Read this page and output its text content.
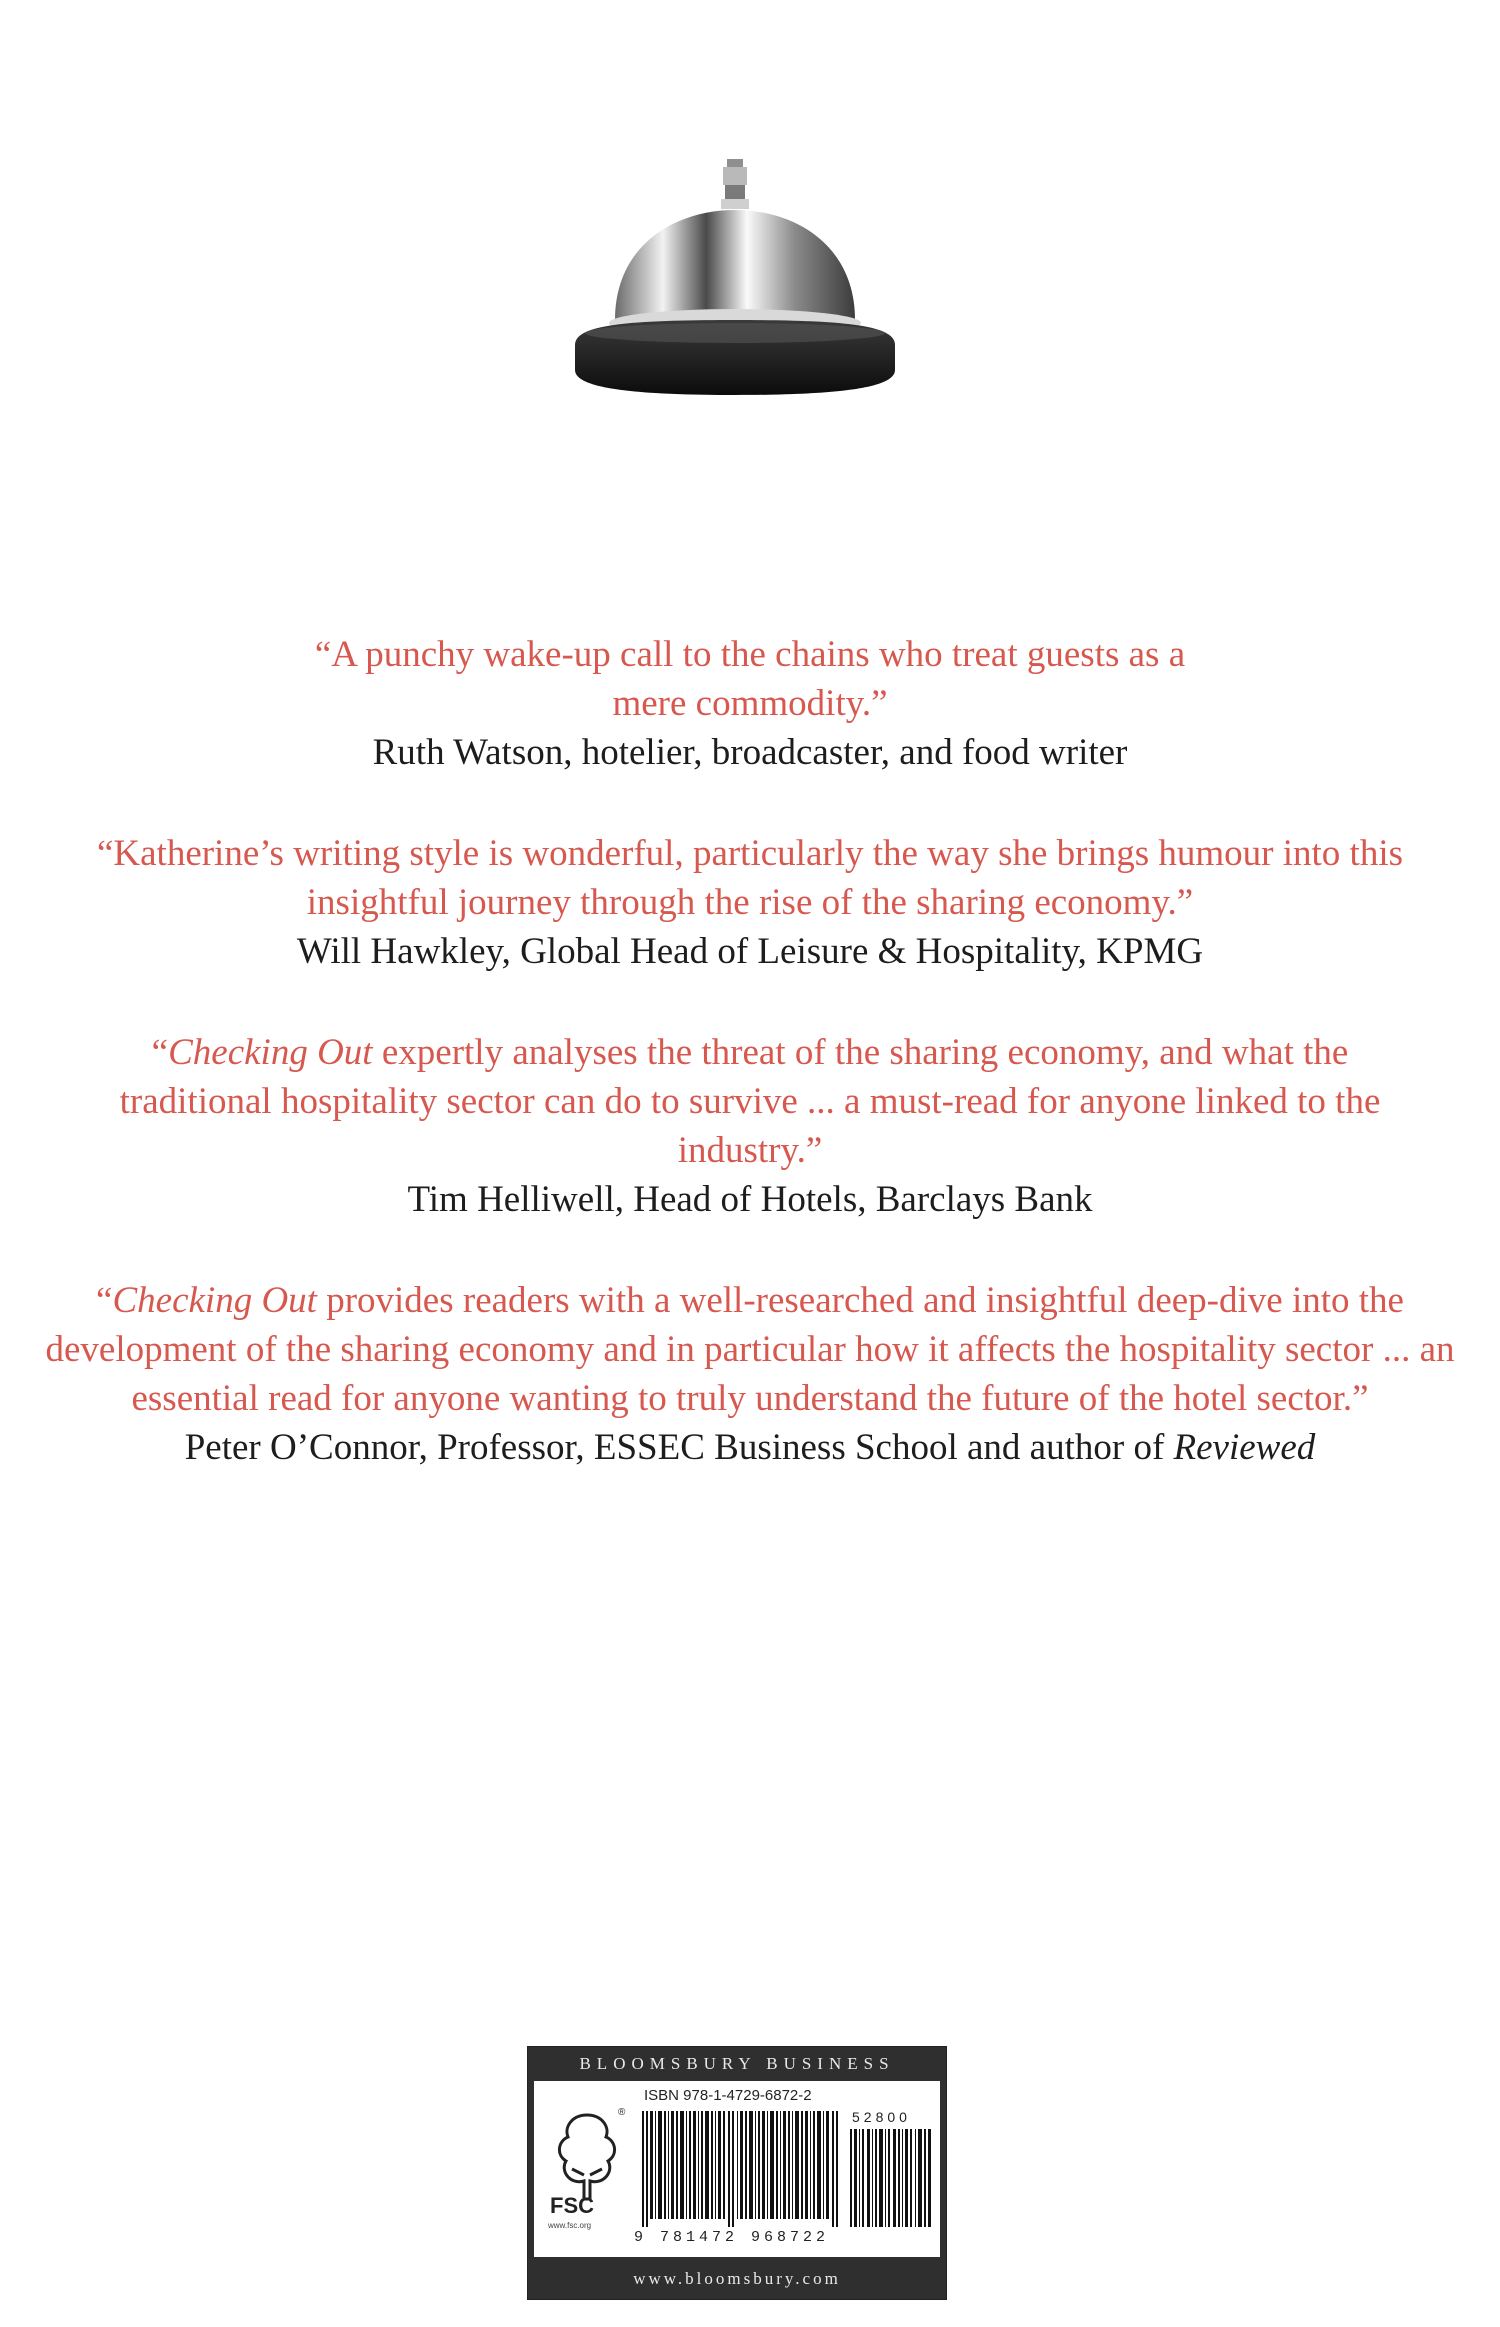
“A punchy wake-up call to the chains who treat guests as a mere commodity.”

Ruth Watson, hotelier, broadcaster, and food writer

“Katherine’s writing style is wonderful, particularly the way she brings humour into this insightful journey through the rise of the sharing economy.”

Will Hawkley, Global Head of Leisure & Hospitality, KPMG

“Checking Out expertly analyses the threat of the sharing economy, and what the traditional hospitality sector can do to survive ... a must-read for anyone linked to the industry.”

Tim Helliwell, Head of Hotels, Barclays Bank

“Checking Out provides readers with a well-researched and insightful deep-dive into the development of the sharing economy and in particular how it affects the hospitality sector ... an essential read for anyone wanting to truly understand the future of the hotel sector.”

Peter O’Connor, Professor, ESSEC Business School and author of Reviewed

BLOOMSBURY BUSINESS
®
FSC
www.fsc.org
ISBN 978-1-4729-6872-2
52800
9 781472 968722
www.bloomsbury.com
